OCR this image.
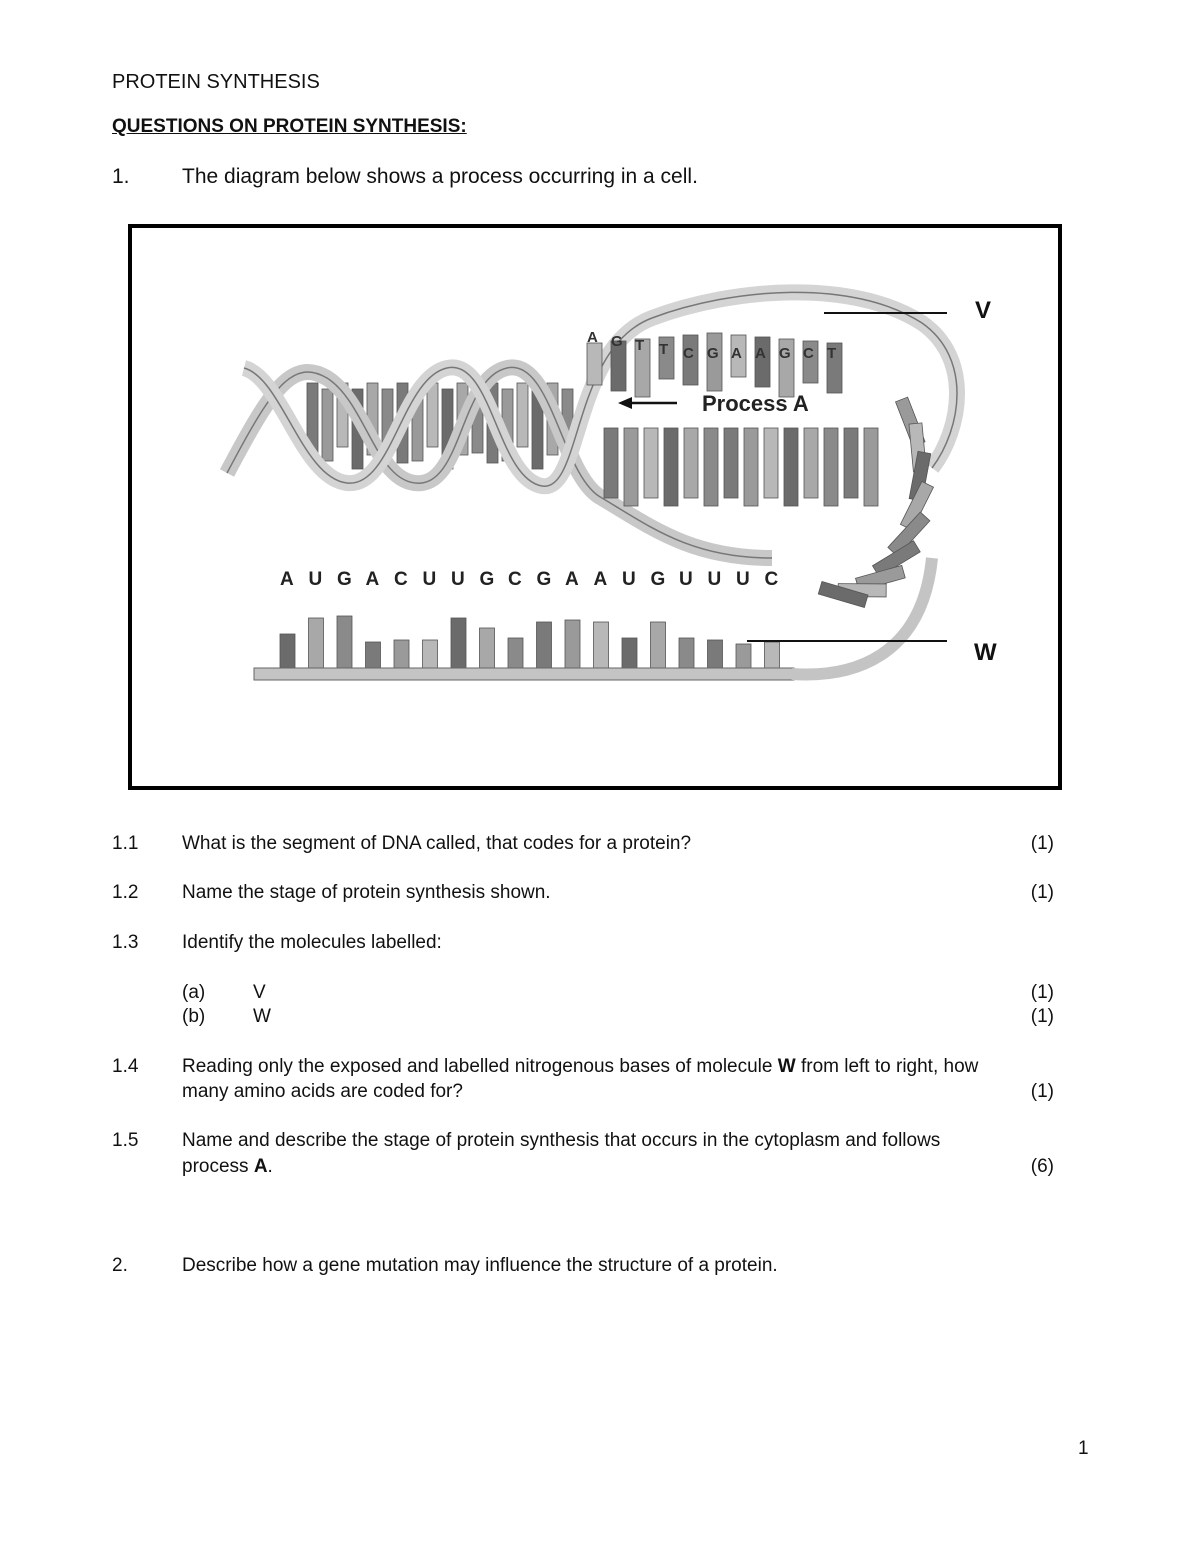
PROTEIN SYNTHESIS
QUESTIONS ON PROTEIN SYNTHESIS:
1. The diagram below shows a process occurring in a cell.
A G T T C G A A G C T
A U G A C U U G C G A A U G U U U C
V
W
Process A
1.1 What is the segment of DNA called, that codes for a protein?	(1)
1.2 Name the stage of protein synthesis shown.	(1)
1.3 Identify the molecules labelled:
(a)	V	(1)
(b)	W	(1)
1.4 Reading only the exposed and labelled nitrogenous bases of molecule W from left to right, how
many amino acids are coded for?	(1)
1.5 Name and describe the stage of protein synthesis that occurs in the cytoplasm and follows
process A.	(6)
2.	Describe how a gene mutation may influence the structure of a protein.
1
